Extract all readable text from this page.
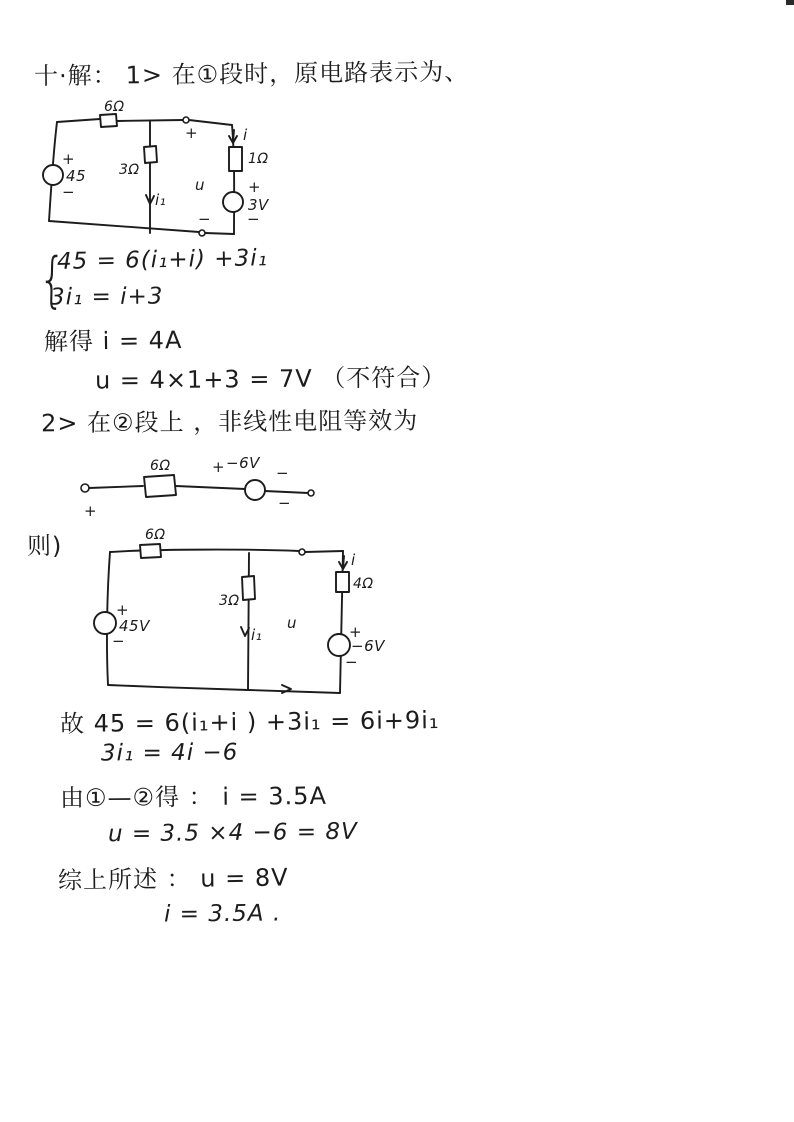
十·解： 1> 在①段时，原电路表示为、
6Ω
+
45
−
3Ω
i₁
+
u
−
i
1Ω
+
3V
−
{
45 = 6(i₁+i) +3i₁
3i₁ = i+3
解得 i = 4A
u = 4×1+3 = 7V （不符合）
2> 在②段上 ，非线性电阻等效为
6Ω	+ −6V
−
+	−
则)	6Ω
+
45V
−
3Ω
i₁
u
i
4Ω
+
−6V
−
故 45 = 6(i₁+i ) +3i₁ = 6i+9i₁
3i₁ = 4i −6
由①—②得 ： i = 3.5A
u = 3.5 ×4 −6 = 8V
综上所述 ： u = 8V
i = 3.5A .
